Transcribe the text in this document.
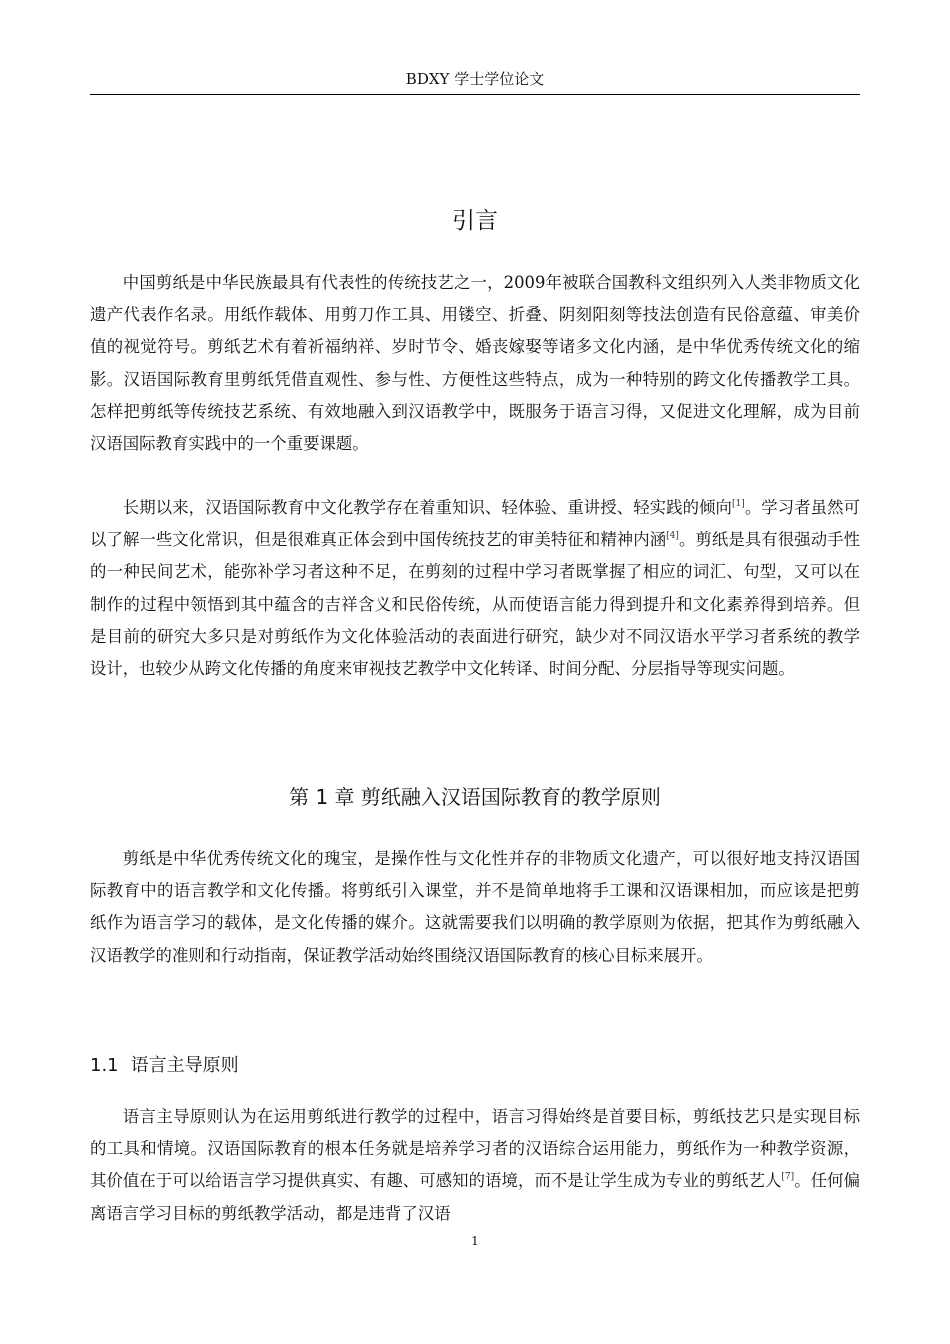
BDXY 学士学位论文
引言

中国剪纸是中华民族最具有代表性的传统技艺之一，2009年被联合国教科文组织列入人类非物质文化遗产代表作名录。用纸作载体、用剪刀作工具、用镂空、折叠、阴刻阳刻等技法创造有民俗意蕴、审美价值的视觉符号。剪纸艺术有着祈福纳祥、岁时节令、婚丧嫁娶等诸多文化内涵，是中华优秀传统文化的缩影。汉语国际教育里剪纸凭借直观性、参与性、方便性这些特点，成为一种特别的跨文化传播教学工具。怎样把剪纸等传统技艺系统、有效地融入到汉语教学中，既服务于语言习得，又促进文化理解，成为目前汉语国际教育实践中的一个重要课题。

长期以来，汉语国际教育中文化教学存在着重知识、轻体验、重讲授、轻实践的倾向[1]。学习者虽然可以了解一些文化常识，但是很难真正体会到中国传统技艺的审美特征和精神内涵[4]。剪纸是具有很强动手性的一种民间艺术，能弥补学习者这种不足，在剪刻的过程中学习者既掌握了相应的词汇、句型，又可以在制作的过程中领悟到其中蕴含的吉祥含义和民俗传统，从而使语言能力得到提升和文化素养得到培养。但是目前的研究大多只是对剪纸作为文化体验活动的表面进行研究，缺少对不同汉语水平学习者系统的教学设计，也较少从跨文化传播的角度来审视技艺教学中文化转译、时间分配、分层指导等现实问题。

第 1 章 剪纸融入汉语国际教育的教学原则

剪纸是中华优秀传统文化的瑰宝，是操作性与文化性并存的非物质文化遗产，可以很好地支持汉语国际教育中的语言教学和文化传播。将剪纸引入课堂，并不是简单地将手工课和汉语课相加，而应该是把剪纸作为语言学习的载体，是文化传播的媒介。这就需要我们以明确的教学原则为依据，把其作为剪纸融入汉语教学的准则和行动指南，保证教学活动始终围绕汉语国际教育的核心目标来展开。

1.1 语言主导原则

语言主导原则认为在运用剪纸进行教学的过程中，语言习得始终是首要目标，剪纸技艺只是实现目标的工具和情境。汉语国际教育的根本任务就是培养学习者的汉语综合运用能力，剪纸作为一种教学资源，其价值在于可以给语言学习提供真实、有趣、可感知的语境，而不是让学生成为专业的剪纸艺人[7]。任何偏离语言学习目标的剪纸教学活动，都是违背了汉语

1
